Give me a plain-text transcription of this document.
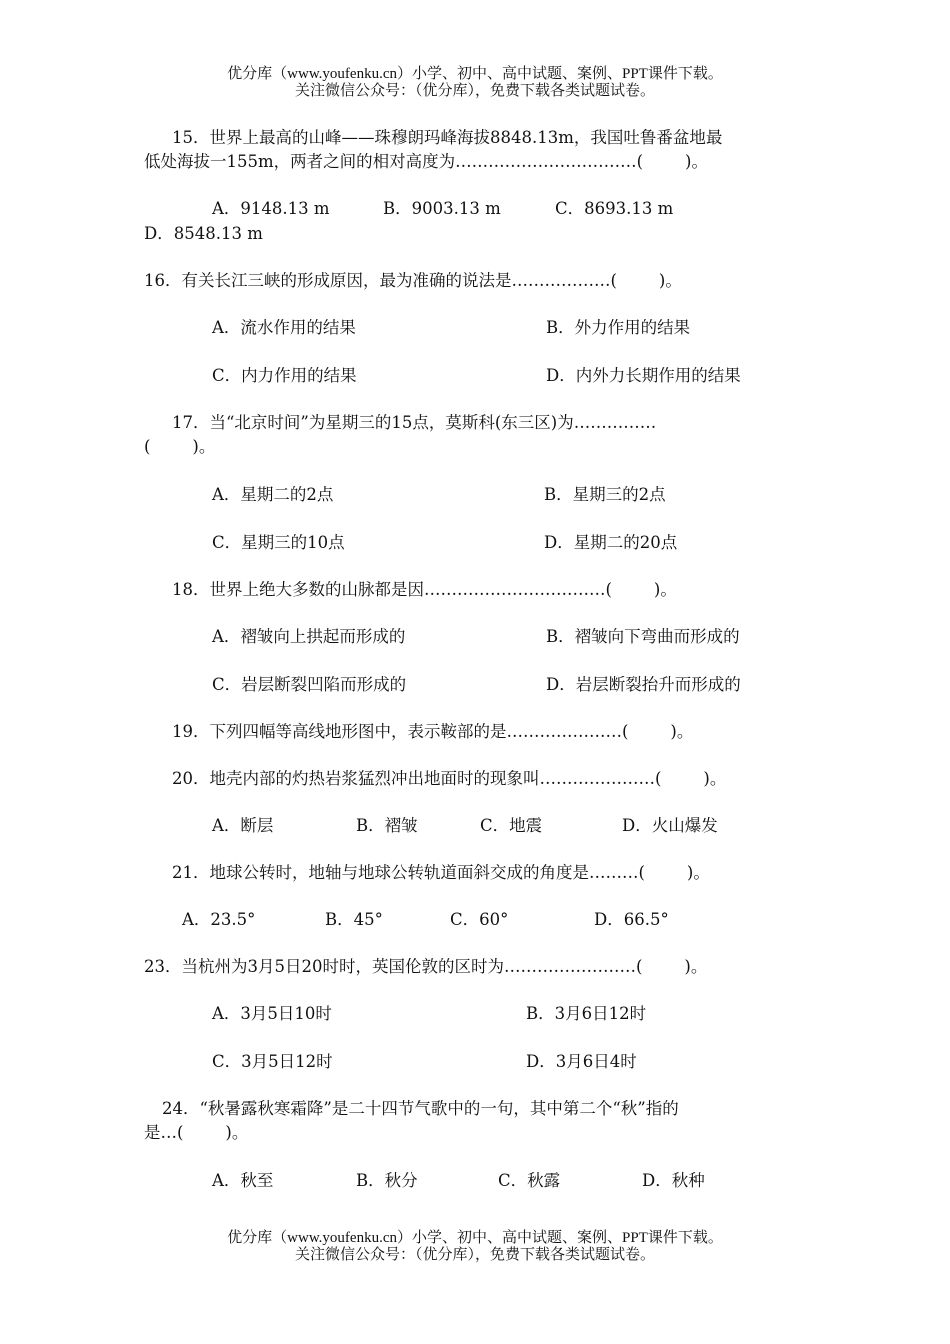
优分库（www.youfenku.cn）小学、初中、高中试题、案例、PPT课件下载。
关注微信公众号：（优分库），免费下载各类试题试卷。
15．世界上最高的山峰——珠穆朗玛峰海拔8848.13m，我国吐鲁番盆地最
低处海拔一155m，两者之间的相对高度为……………………………(        )。
A．9148.13 m	B．9003.13 m	C．8693.13 m
D．8548.13 m
16．有关长江三峡的形成原因，最为准确的说法是………………(        )。
A．流水作用的结果	B．外力作用的结果
C．内力作用的结果	D．内外力长期作用的结果
17．当“北京时间”为星期三的15点，莫斯科(东三区)为……………
(        )。
A．星期二的2点	B．星期三的2点
C．星期三的10点	D．星期二的20点
18．世界上绝大多数的山脉都是因……………………………(        )。
A．褶皱向上拱起而形成的	B．褶皱向下弯曲而形成的
C．岩层断裂凹陷而形成的	D．岩层断裂抬升而形成的
19．下列四幅等高线地形图中，表示鞍部的是…………………(        )。
20．地壳内部的灼热岩浆猛烈冲出地面时的现象叫…………………(        )。
A．断层	B．褶皱	C．地震	D．火山爆发
21．地球公转时，地轴与地球公转轨道面斜交成的角度是………(        )。
A．23.5°	B．45°	C．60°	D．66.5°
23．当杭州为3月5日20时时，英国伦敦的区时为……………………(        )。
A．3月5日10时	B．3月6日12时
C．3月5日12时	D．3月6日4时
24．“秋暑露秋寒霜降”是二十四节气歌中的一句，其中第二个“秋”指的
是…(        )。
A．秋至	B．秋分	C．秋露	D．秋种
优分库（www.youfenku.cn）小学、初中、高中试题、案例、PPT课件下载。
关注微信公众号：（优分库），免费下载各类试题试卷。
